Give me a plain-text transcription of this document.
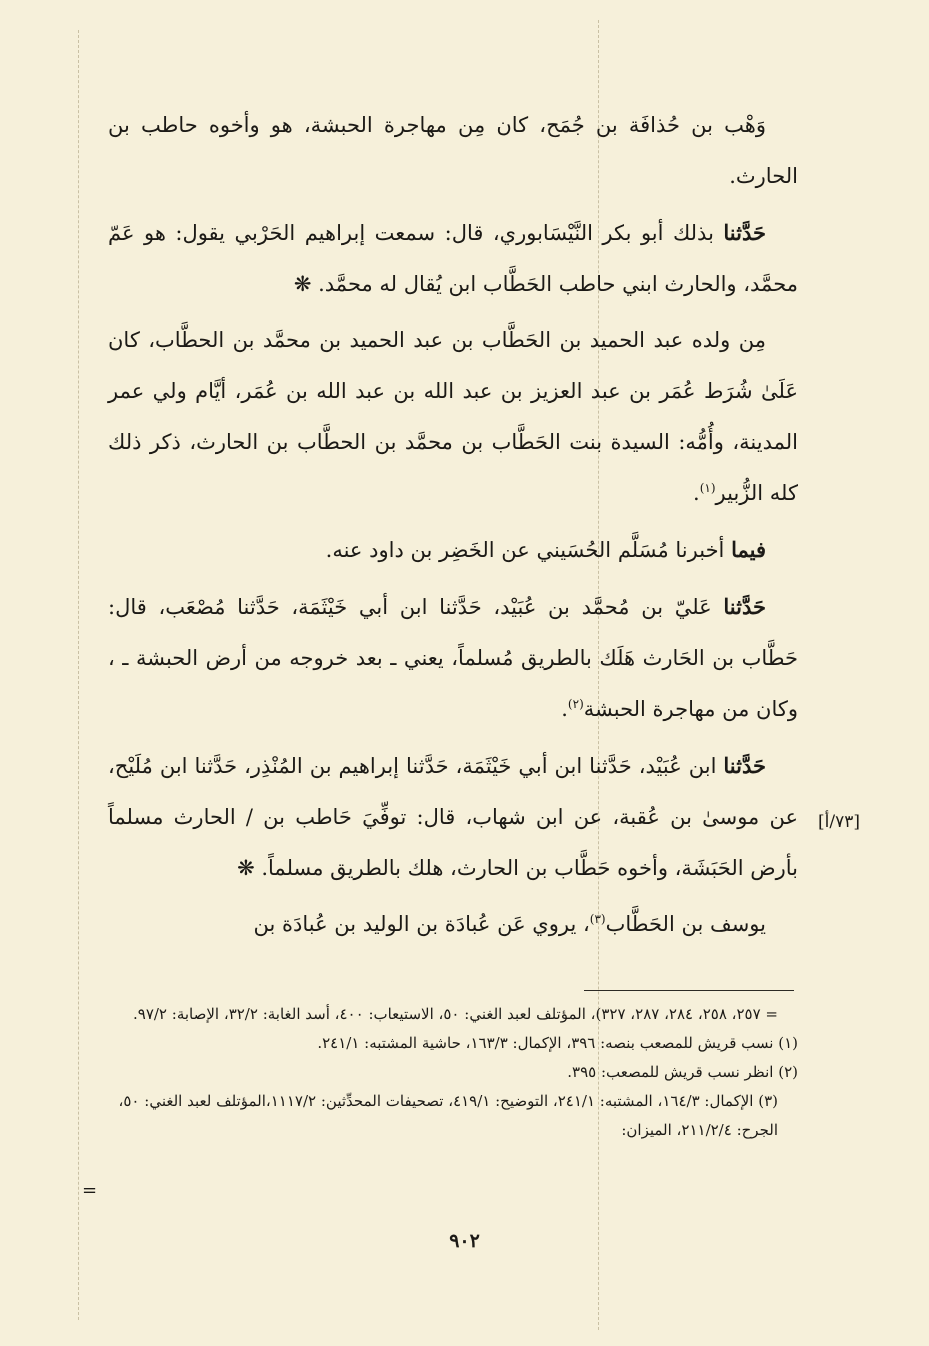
وَهْب بن حُذافَة بن جُمَح، كان مِن مهاجرة الحبشة، هو وأخوه حاطب بن الحارث.

حَدَّثنا بذلك أبو بكر النَّيْسَابوري، قال: سمعت إبراهيم الحَرْبي يقول: هو عَمّ محمَّد، والحارث ابني حاطب الحَطَّاب ابن يُقال له محمَّد. ❋

مِن ولده عبد الحميد بن الحَطَّاب بن عبد الحميد بن محمَّد بن الحطَّاب، كان عَلَىٰ شُرَط عُمَر بن عبد العزيز بن عبد الله بن عبد الله بن عُمَر، أيَّام ولي عمر المدينة، وأُمُّه: السيدة بنت الحَطَّاب بن محمَّد بن الحطَّاب بن الحارث، ذكر ذلك كله الزُّبير$^{(١)}$.

فيما أخبرنا مُسَلَّم الحُسَيني عن الخَضِر بن داود عنه.

حَدَّثنا عَليّ بن مُحمَّد بن عُبَيْد، حَدَّثنا ابن أبي خَيْثَمَة، حَدَّثنا مُصْعَب، قال: حَطَّاب بن الحَارث هَلَك بالطريق مُسلماً، يعني ـ بعد خروجه من أرض الحبشة ـ ، وكان من مهاجرة الحبشة$^{(٢)}$.

حَدَّثنا ابن عُبَيْد، حَدَّثنا ابن أبي خَيْثَمَة، حَدَّثنا إبراهيم بن المُنْذِر، حَدَّثنا ابن مُلَيْح، عن موسىٰ بن عُقبة، عن ابن شهاب، قال: توفِّيَ حَاطب بن / الحارث مسلماً بأرض الحَبَشَة، وأخوه حَطَّاب بن الحارث، هلك بالطريق مسلماً. ❋

يوسف بن الحَطَّاب$^{(٣)}$، يروي عَن عُبادَة بن الوليد بن عُبادَة بن

[٧٣/أ]

= ٢٥٧، ٢٥٨، ٢٨٤، ٢٨٧، ٣٢٧)، المؤتلف لعبد الغني: ٥٠، الاستيعاب: ٤٠٠، أسد الغابة: ٣٢/٢، الإصابة: ٩٧/٢.

(١) نسب قريش للمصعب بنصه: ٣٩٦، الإكمال: ١٦٣/٣، حاشية المشتبه: ٢٤١/١.

(٢) انظر نسب قريش للمصعب: ٣٩٥.

(٣) الإكمال: ١٦٤/٣، المشتبه: ٢٤١/١، التوضيح: ٤١٩/١، تصحيفات المحدِّثين: ١١١٧/٢،المؤتلف لعبد الغني: ٥٠، الجرح: ٢١١/٢/٤، الميزان:

=
٩٠٢
